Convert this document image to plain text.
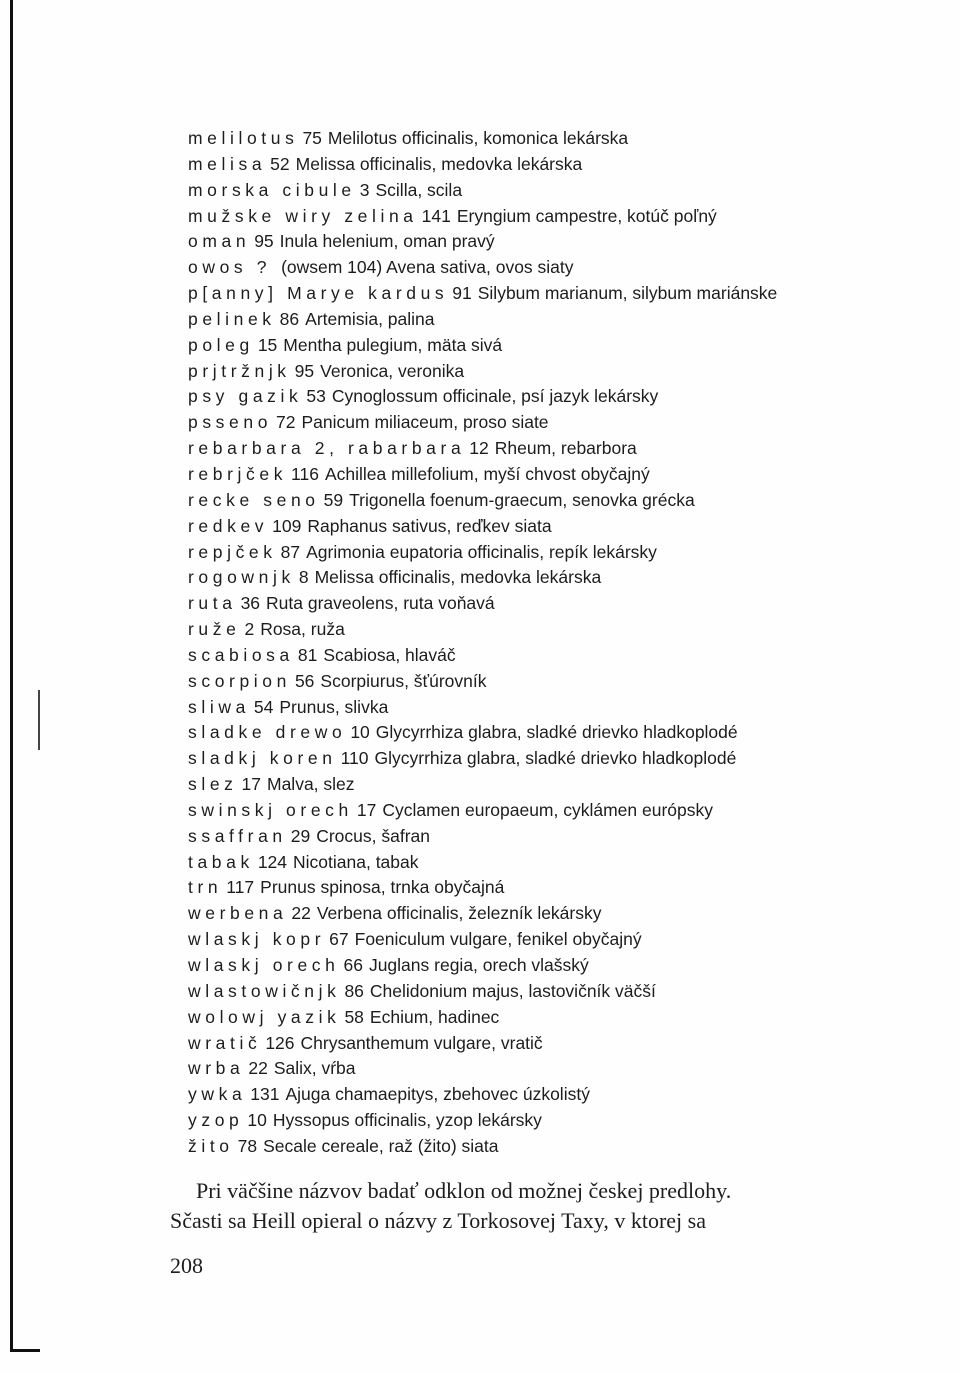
melilotus 75 Melilotus officinalis, komonica lekárska
melisa 52 Melissa officinalis, medovka lekárska
morska cibule 3 Scilla, scila
mužske wiry zelina 141 Eryngium campestre, kotúč poľný
oman 95 Inula helenium, oman pravý
owos ? (owsem 104) Avena sativa, ovos siaty
p[anny] Marye kardus 91 Silybum marianum, silybum mariánske
pelinek 86 Artemisia, palina
poleg 15 Mentha pulegium, mäta sivá
prjtržnjk 95 Veronica, veronika
psy gazik 53 Cynoglossum officinale, psí jazyk lekársky
psseno 72 Panicum miliaceum, proso siate
rebarbara 2, rabarbara 12 Rheum, rebarbora
rebrjček 116 Achillea millefolium, myší chvost obyčajný
recke seno 59 Trigonella foenum-graecum, senovka grécka
redkev 109 Raphanus sativus, reďkev siata
repjček 87 Agrimonia eupatoria officinalis, repík lekársky
rogownjk 8 Melissa officinalis, medovka lekárska
ruta 36 Ruta graveolens, ruta voňavá
ruže 2 Rosa, ruža
scabiosa 81 Scabiosa, hlaváč
scorpion 56 Scorpiurus, šťúrovník
sliwa 54 Prunus, slivka
sladke drewo 10 Glycyrrhiza glabra, sladké drievko hladkoplodé
sladkj koren 110 Glycyrrhiza glabra, sladké drievko hladkoplodé
slez 17 Malva, slez
swinskj orech 17 Cyclamen europaeum, cyklámen európsky
ssaffran 29 Crocus, šafran
tabak 124 Nicotiana, tabak
trn 117 Prunus spinosa, trnka obyčajná
werbena 22 Verbena officinalis, železník lekársky
wlaskj kopr 67 Foeniculum vulgare, fenikel obyčajný
wlaskj orech 66 Juglans regia, orech vlašský
wlastowičnjk 86 Chelidonium majus, lastovičník väčší
wolowj yazik 58 Echium, hadinec
wratič 126 Chrysanthemum vulgare, vratič
wrba 22 Salix, vŕba
ywka 131 Ajuga chamaepitys, zbehovec úzkolistý
yzop 10 Hyssopus officinalis, yzop lekársky
žito 78 Secale cereale, raž (žito) siata
Pri väčšine názvov badať odklon od možnej českej predlohy.
Sčasti sa Heill opieral o názvy z Torkosovej Taxy, v ktorej sa
208
